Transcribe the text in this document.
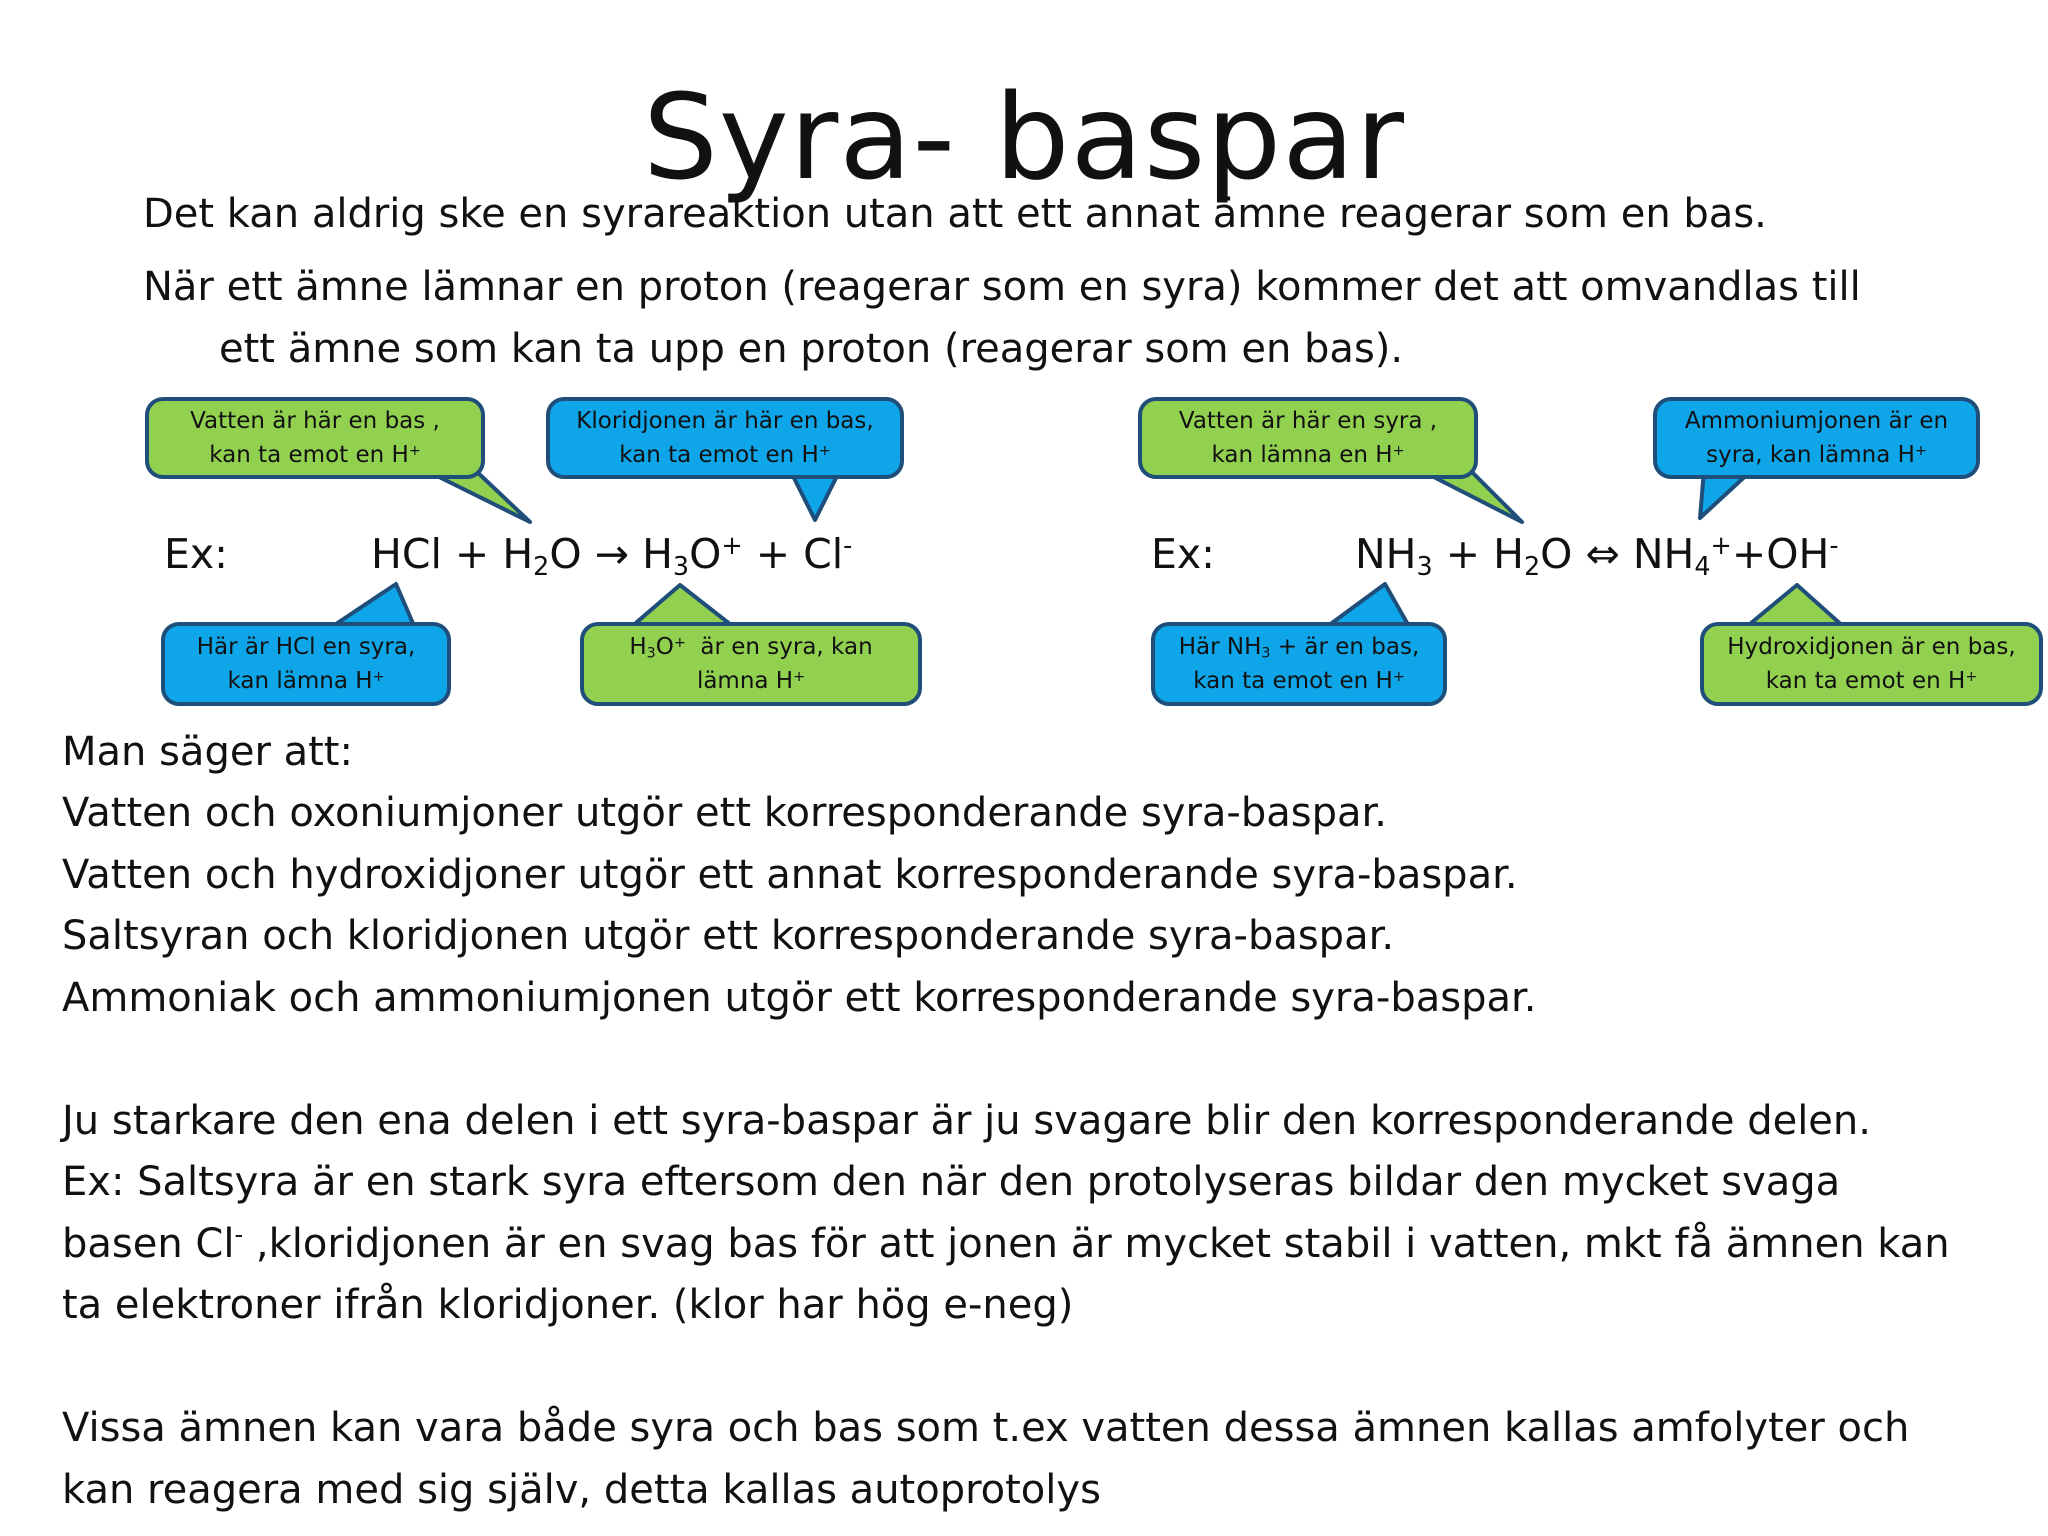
Syra- baspar
Det kan aldrig ske en syrareaktion utan att ett annat ämne reagerar som en bas.
När ett ämne lämnar en proton (reagerar som en syra) kommer det att omvandlas till
ett ämne som kan ta upp en proton (reagerar som en bas).
Vatten är här en bas ,
kan ta emot en H+
Kloridjonen är här en bas,
kan ta emot en H+
Här är HCl en syra,
kan lämna H+
$H_3O^+$ är en syra, kan
lämna H+
Vatten är här en syra ,
kan lämna en H+
Ammoniumjonen är en
syra, kan lämna H+
Här $NH_3$ + är en bas,
kan ta emot en H+
Hydroxidjonen är en bas,
kan ta emot en H+
Ex:	HCl + $H_2O \to H_3O^+ + Cl^-$	Ex:	$NH_3 + H_2O$ ⇔ $NH_4^++OH^-$
Man säger att:
Vatten och oxoniumjoner utgör ett korresponderande syra-baspar.
Vatten och hydroxidjoner utgör ett annat korresponderande syra-baspar.
Saltsyran och kloridjonen utgör ett korresponderande syra-baspar.
Ammoniak och ammoniumjonen utgör ett korresponderande syra-baspar.
Ju starkare den ena delen i ett syra-baspar är ju svagare blir den korresponderande delen.
Ex: Saltsyra är en stark syra eftersom den när den protolyseras bildar den mycket svaga
basen Cl- ,kloridjonen är en svag bas för att jonen är mycket stabil i vatten, mkt få ämnen kan
ta elektroner ifrån kloridjoner. (klor har hög e-neg)
Vissa ämnen kan vara både syra och bas som t.ex vatten dessa ämnen kallas amfolyter och
kan reagera med sig själv, detta kallas autoprotolys
